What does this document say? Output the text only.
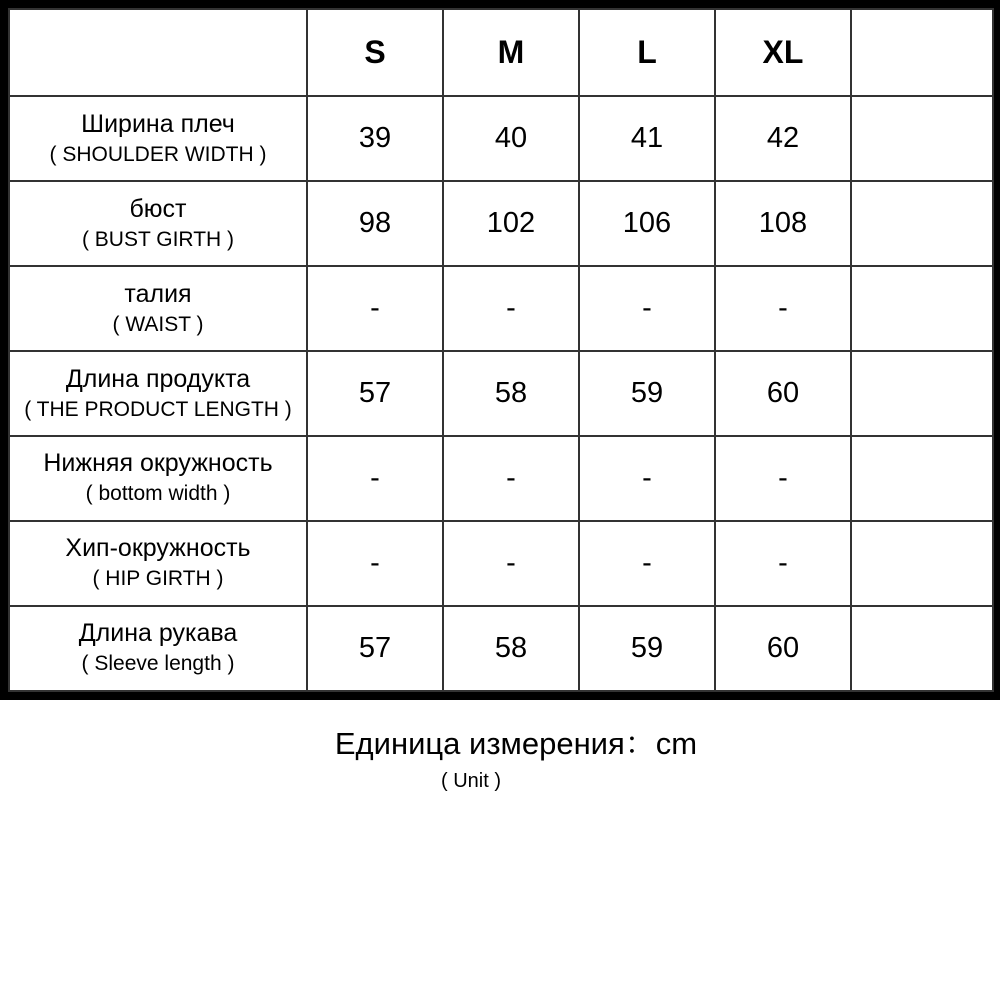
	S	M	L	XL	

Ширина плеч
( SHOULDER WIDTH )	39	40	41	42	

бюст
( BUST GIRTH )	98	102	106	108	

талия
( WAIST )	-	-	-	-	

Длина продукта
( THE PRODUCT LENGTH )	57	58	59	60	

Нижняя окружность
( bottom width )	-	-	-	-	

Хип-окружность
( HIP GIRTH )	-	-	-	-	

Длина рукава
( Sleeve length )	57	58	59	60	
Единица измерения：cm
( Unit )
